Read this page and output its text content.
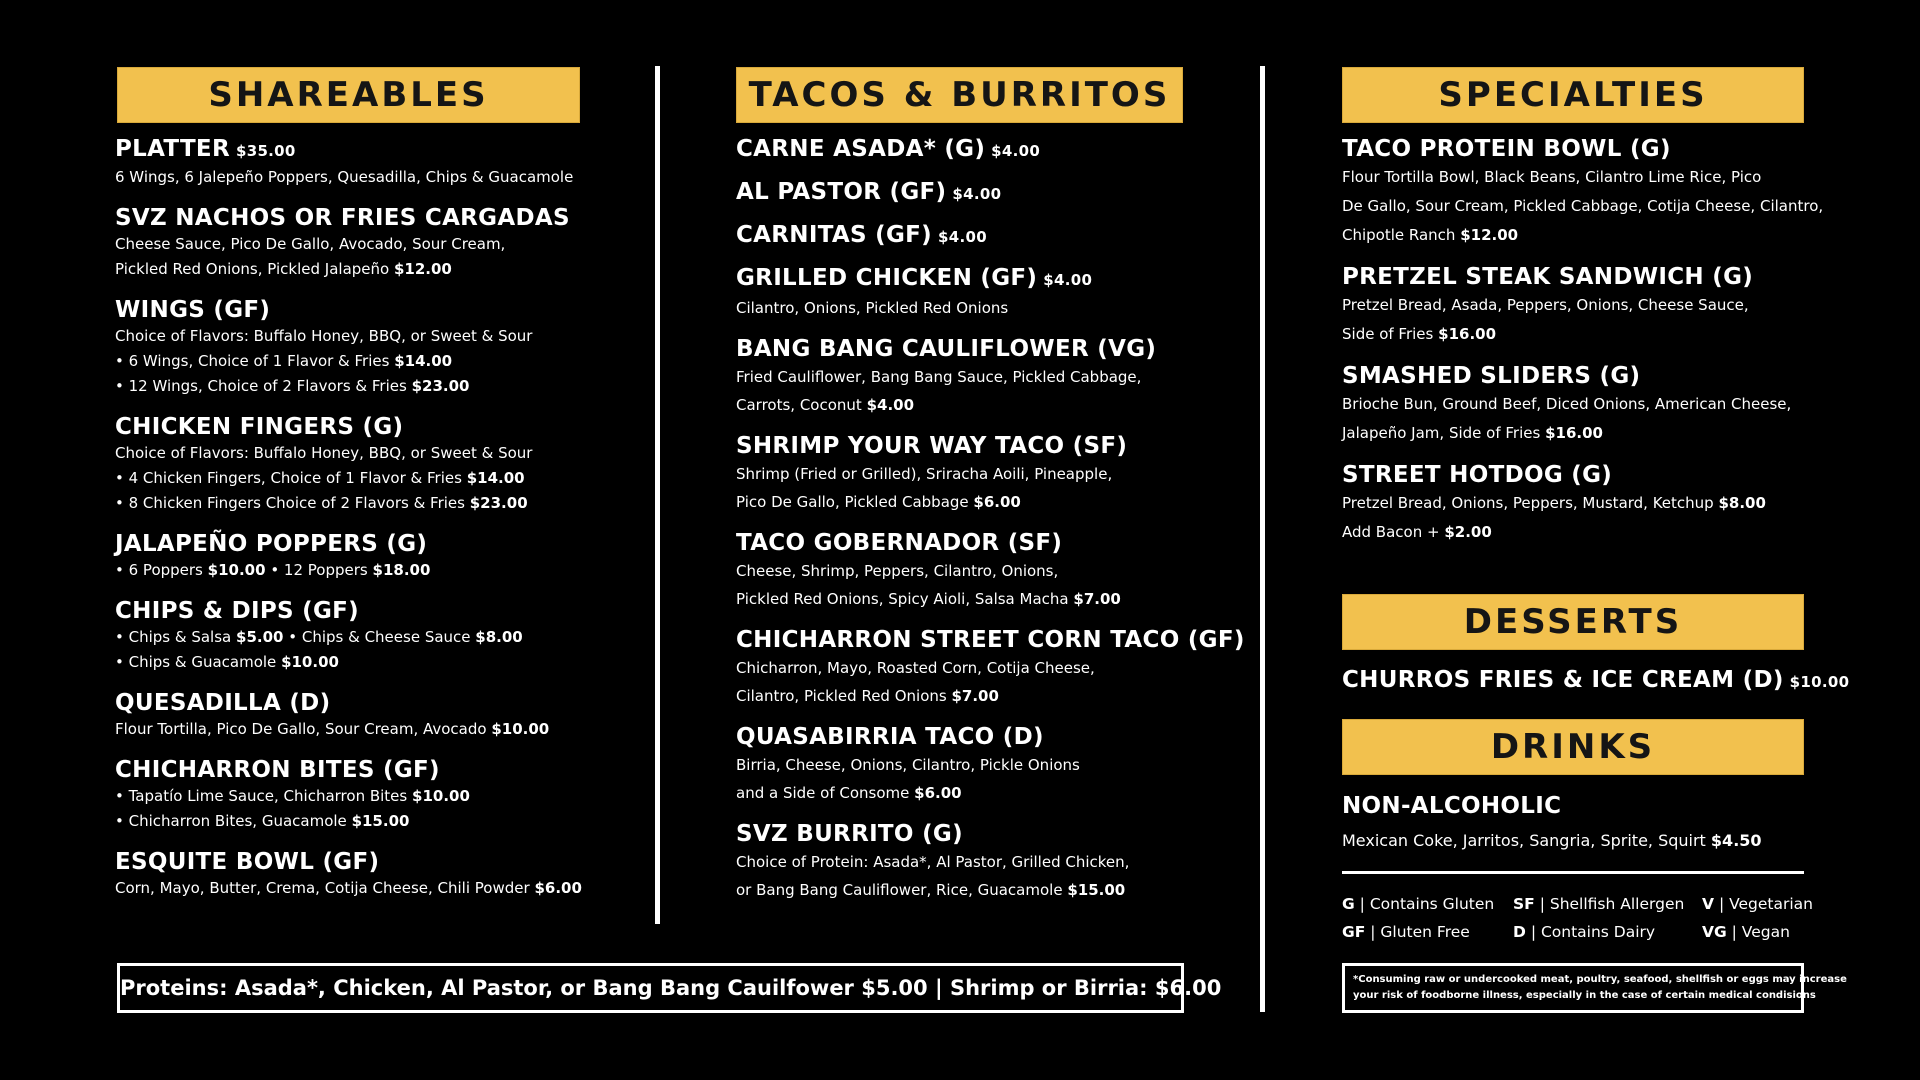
SHAREABLES
PLATTER $35.00
6 Wings, 6 Jalepeño Poppers, Quesadilla, Chips & Guacamole
SVZ NACHOS OR FRIES CARGADAS
Cheese Sauce, Pico De Gallo, Avocado, Sour Cream,
Pickled Red Onions, Pickled Jalapeño $12.00
WINGS (GF)
Choice of Flavors: Buffalo Honey, BBQ, or Sweet & Sour
• 6 Wings, Choice of 1 Flavor & Fries $14.00
• 12 Wings, Choice of 2 Flavors & Fries $23.00
CHICKEN FINGERS (G)
Choice of Flavors: Buffalo Honey, BBQ, or Sweet & Sour
• 4 Chicken Fingers, Choice of 1 Flavor & Fries $14.00
• 8 Chicken Fingers Choice of 2 Flavors & Fries $23.00
JALAPEÑO POPPERS (G)
• 6 Poppers $10.00 • 12 Poppers $18.00
CHIPS & DIPS (GF)
• Chips & Salsa $5.00 • Chips & Cheese Sauce $8.00
• Chips & Guacamole $10.00
QUESADILLA (D)
Flour Tortilla, Pico De Gallo, Sour Cream, Avocado $10.00
CHICHARRON BITES (GF)
• Tapatío Lime Sauce, Chicharron Bites $10.00
• Chicharron Bites, Guacamole $15.00
ESQUITE BOWL (GF)
Corn, Mayo, Butter, Crema, Cotija Cheese, Chili Powder $6.00
TACOS & BURRITOS
CARNE ASADA* (G) $4.00
AL PASTOR (GF) $4.00
CARNITAS (GF) $4.00
GRILLED CHICKEN (GF) $4.00
Cilantro, Onions, Pickled Red Onions
BANG BANG CAULIFLOWER (VG)
Fried Cauliflower, Bang Bang Sauce, Pickled Cabbage,
Carrots, Coconut $4.00
SHRIMP YOUR WAY TACO (SF)
Shrimp (Fried or Grilled), Sriracha Aoili, Pineapple,
Pico De Gallo, Pickled Cabbage $6.00
TACO GOBERNADOR (SF)
Cheese, Shrimp, Peppers, Cilantro, Onions,
Pickled Red Onions, Spicy Aioli, Salsa Macha $7.00
CHICHARRON STREET CORN TACO (GF)
Chicharron, Mayo, Roasted Corn, Cotija Cheese,
Cilantro, Pickled Red Onions $7.00
QUASABIRRIA TACO (D)
Birria, Cheese, Onions, Cilantro, Pickle Onions
and a Side of Consome $6.00
SVZ BURRITO (G)
Choice of Protein: Asada*, Al Pastor, Grilled Chicken,
or Bang Bang Cauliflower, Rice, Guacamole $15.00
SPECIALTIES
TACO PROTEIN BOWL (G)
Flour Tortilla Bowl, Black Beans, Cilantro Lime Rice, Pico
De Gallo, Sour Cream, Pickled Cabbage, Cotija Cheese, Cilantro,
Chipotle Ranch $12.00
PRETZEL STEAK SANDWICH (G)
Pretzel Bread, Asada, Peppers, Onions, Cheese Sauce,
Side of Fries $16.00
SMASHED SLIDERS (G)
Brioche Bun, Ground Beef, Diced Onions, American Cheese,
Jalapeño Jam, Side of Fries $16.00
STREET HOTDOG (G)
Pretzel Bread, Onions, Peppers, Mustard, Ketchup $8.00
Add Bacon + $2.00
DESSERTS
CHURROS FRIES & ICE CREAM (D) $10.00
DRINKS
NON-ALCOHOLIC
Mexican Coke, Jarritos, Sangria, Sprite, Squirt $4.50
G | Contains Gluten
GF | Gluten Free
SF | Shellfish Allergen
D | Contains Dairy
V | Vegetarian
VG | Vegan
*Consuming raw or undercooked meat, poultry, seafood, shellfish or eggs may increase
your risk of foodborne illness, especially in the case of certain medical condisions
Proteins: Asada*, Chicken, Al Pastor, or Bang Bang Cauilfower $5.00 | Shrimp or Birria: $6.00
